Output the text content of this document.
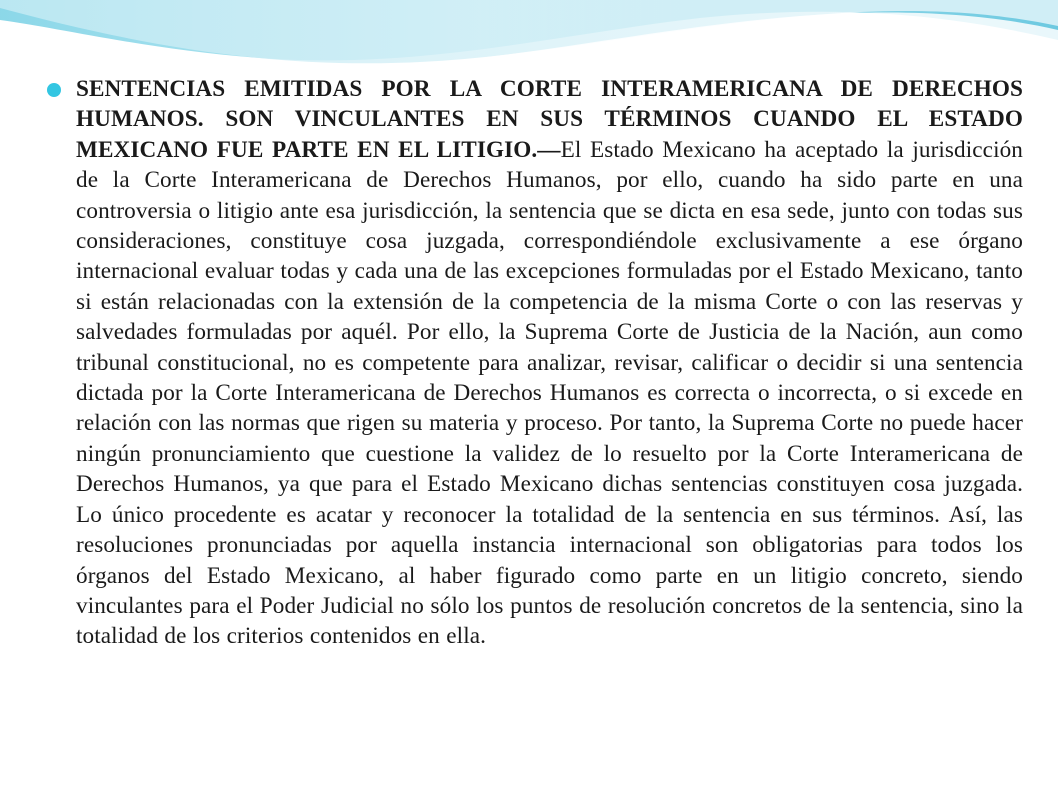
SENTENCIAS EMITIDAS POR LA CORTE INTERAMERICANA DE DERECHOS HUMANOS. SON VINCULANTES EN SUS TÉRMINOS CUANDO EL ESTADO MEXICANO FUE PARTE EN EL LITIGIO.—El Estado Mexicano ha aceptado la jurisdicción de la Corte Interamericana de Derechos Humanos, por ello, cuando ha sido parte en una controversia o litigio ante esa jurisdicción, la sentencia que se dicta en esa sede, junto con todas sus consideraciones, constituye cosa juzgada, correspondiéndole exclusivamente a ese órgano internacional evaluar todas y cada una de las excepciones formuladas por el Estado Mexicano, tanto si están relacionadas con la extensión de la competencia de la misma Corte o con las reservas y salvedades formuladas por aquél. Por ello, la Suprema Corte de Justicia de la Nación, aun como tribunal constitucional, no es competente para analizar, revisar, calificar o decidir si una sentencia dictada por la Corte Interamericana de Derechos Humanos es correcta o incorrecta, o si excede en relación con las normas que rigen su materia y proceso. Por tanto, la Suprema Corte no puede hacer ningún pronunciamiento que cuestione la validez de lo resuelto por la Corte Interamericana de Derechos Humanos, ya que para el Estado Mexicano dichas sentencias constituyen cosa juzgada. Lo único procedente es acatar y reconocer la totalidad de la sentencia en sus términos. Así, las resoluciones pronunciadas por aquella instancia internacional son obligatorias para todos los órganos del Estado Mexicano, al haber figurado como parte en un litigio concreto, siendo vinculantes para el Poder Judicial no sólo los puntos de resolución concretos de la sentencia, sino la totalidad de los criterios contenidos en ella.
